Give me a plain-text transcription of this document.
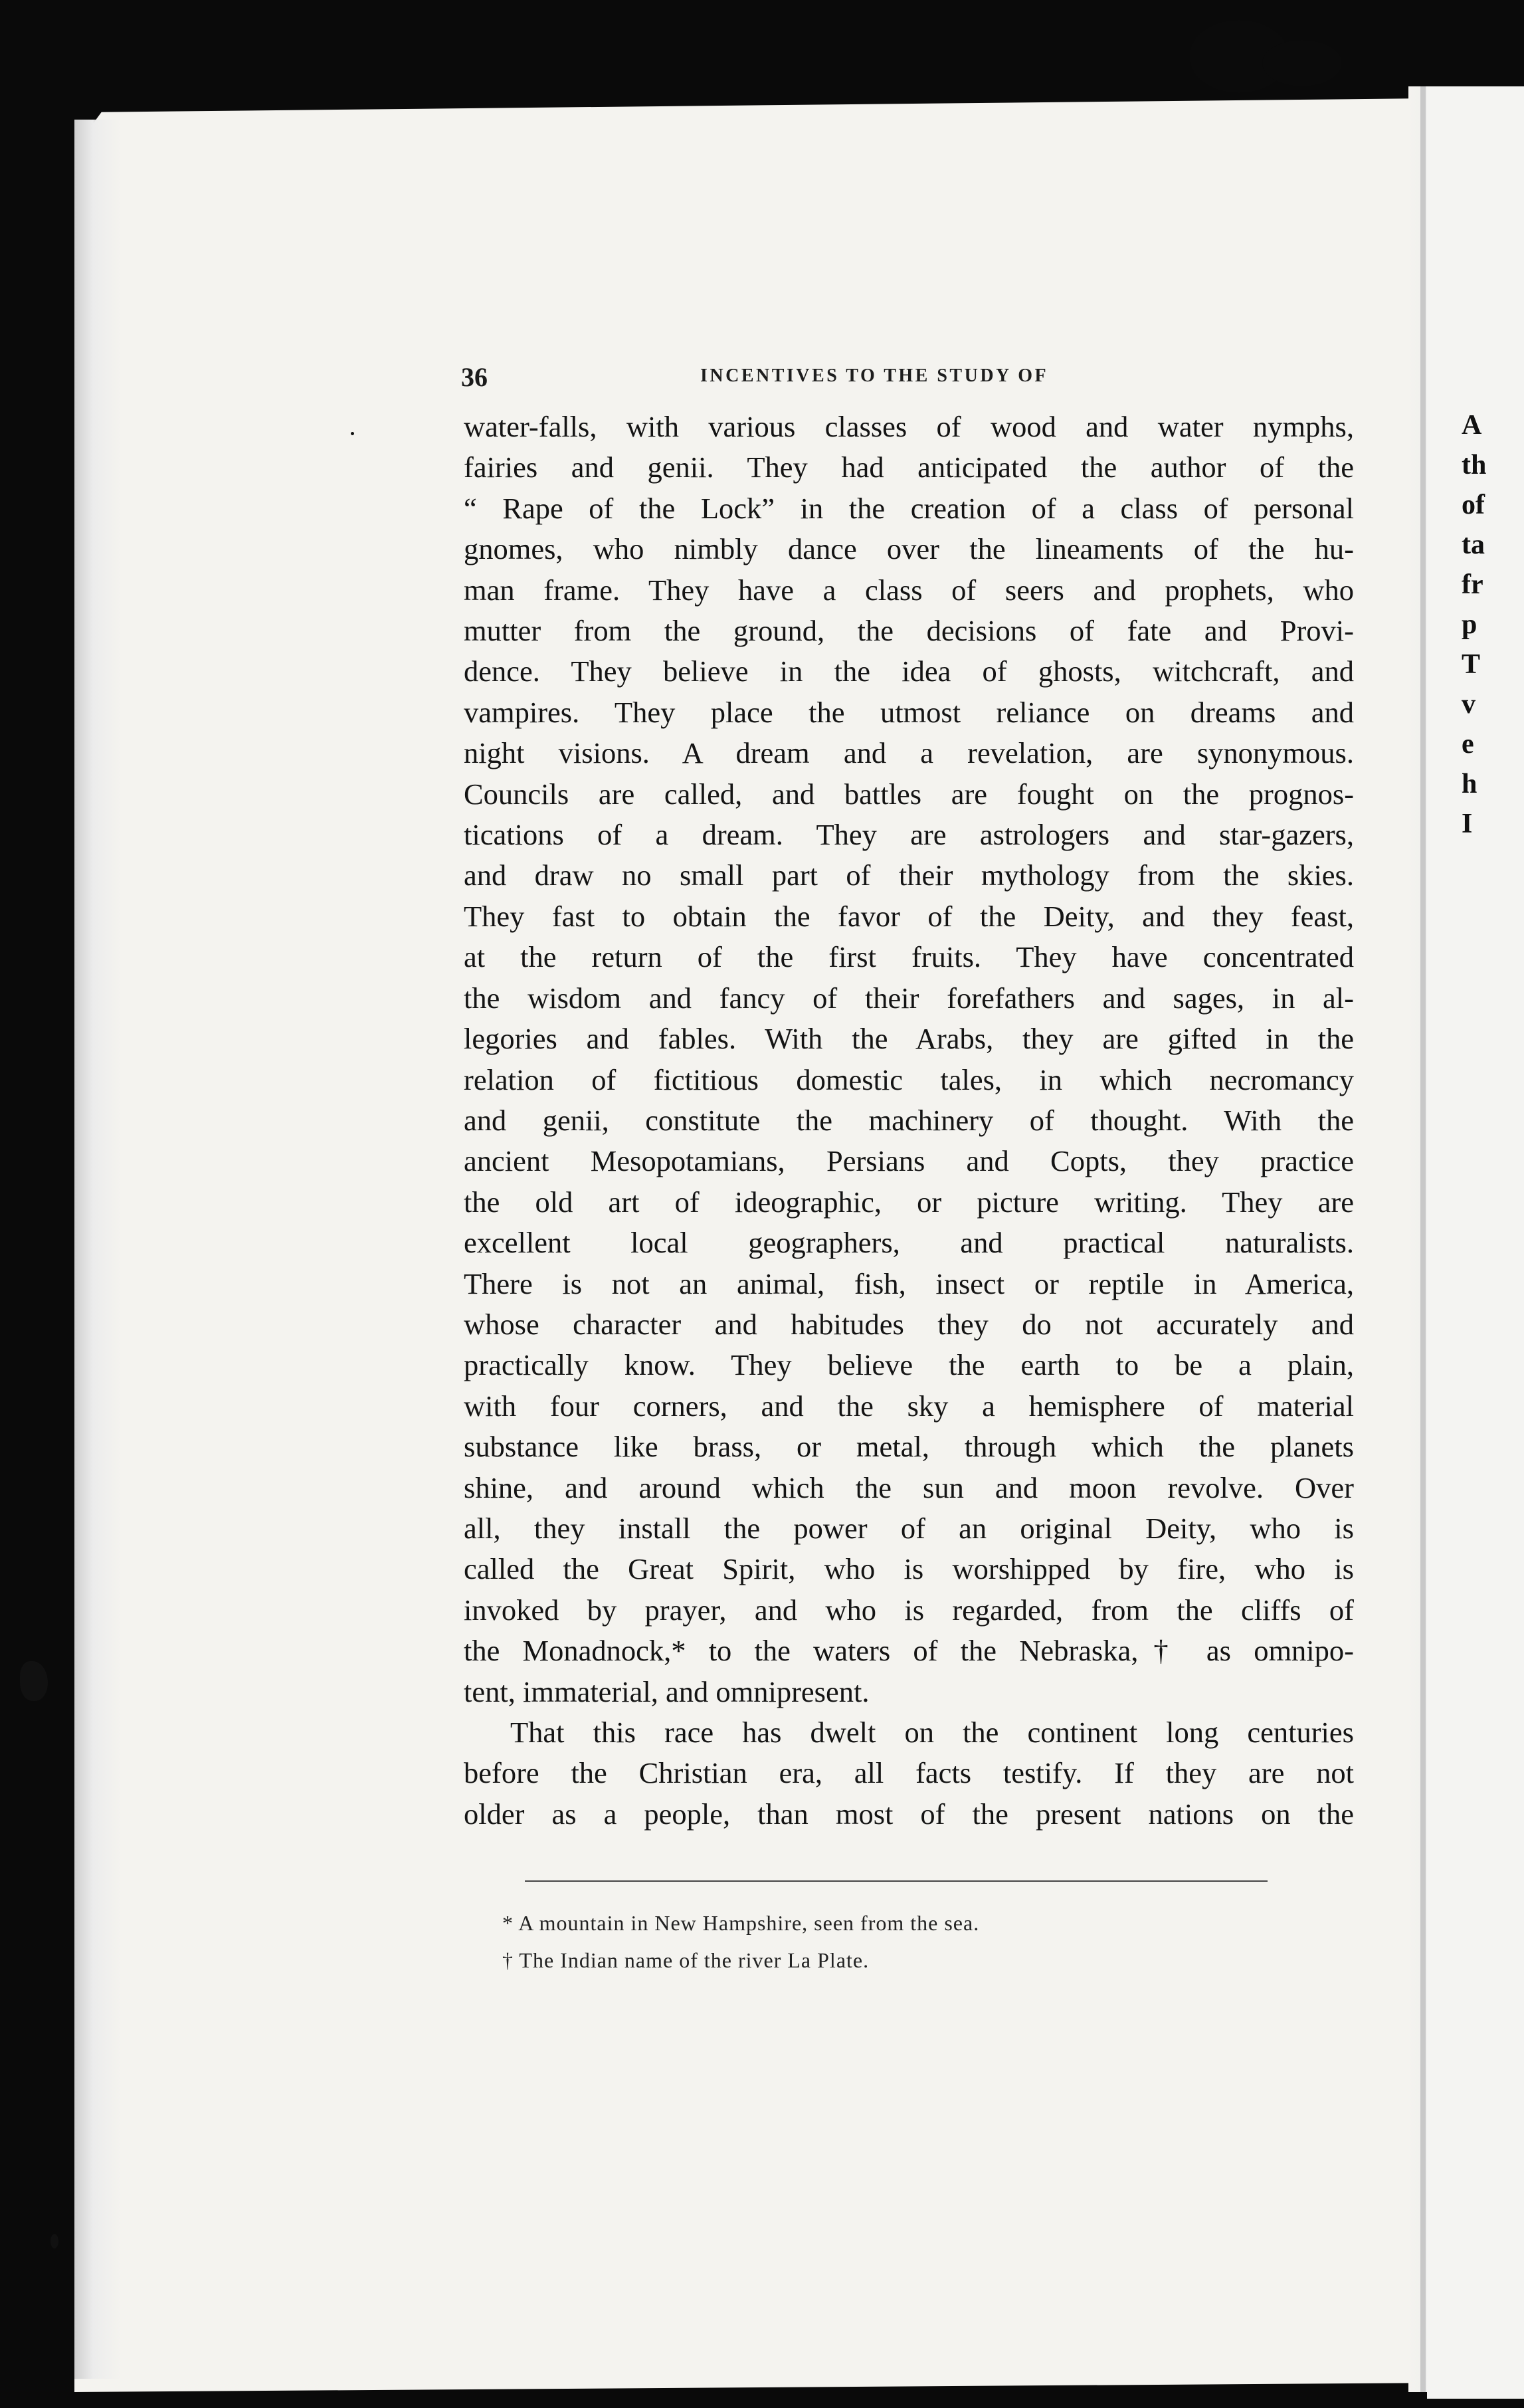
A
th
of
ta
fr
p
T
v
e
h
I
36	INCENTIVES TO THE STUDY OF
water-falls, with various classes of wood and water nymphs,
fairies and genii. They had anticipated the author of the
“ Rape of the Lock” in the creation of a class of personal
gnomes, who nimbly dance over the lineaments of the hu-
man frame. They have a class of seers and prophets, who
mutter from the ground, the decisions of fate and Provi-
dence. They believe in the idea of ghosts, witchcraft, and
vampires. They place the utmost reliance on dreams and
night visions. A dream and a revelation, are synonymous.
Councils are called, and battles are fought on the prognos-
tications of a dream. They are astrologers and star-gazers,
and draw no small part of their mythology from the skies.
They fast to obtain the favor of the Deity, and they feast,
at the return of the first fruits. They have concentrated
the wisdom and fancy of their forefathers and sages, in al-
legories and fables. With the Arabs, they are gifted in the
relation of fictitious domestic tales, in which necromancy
and genii, constitute the machinery of thought. With the
ancient Mesopotamians, Persians and Copts, they practice
the old art of ideographic, or picture writing. They are
excellent local geographers, and practical naturalists.
There is not an animal, fish, insect or reptile in America,
whose character and habitudes they do not accurately and
practically know. They believe the earth to be a plain,
with four corners, and the sky a hemisphere of material
substance like brass, or metal, through which the planets
shine, and around which the sun and moon revolve. Over
all, they install the power of an original Deity, who is
called the Great Spirit, who is worshipped by fire, who is
invoked by prayer, and who is regarded, from the cliffs of
the Monadnock,* to the waters of the Nebraska,† as omnipo-
tent, immaterial, and omnipresent.
That this race has dwelt on the continent long centuries
before the Christian era, all facts testify. If they are not
older as a people, than most of the present nations on the
* A mountain in New Hampshire, seen from the sea.
† The Indian name of the river La Plate.
